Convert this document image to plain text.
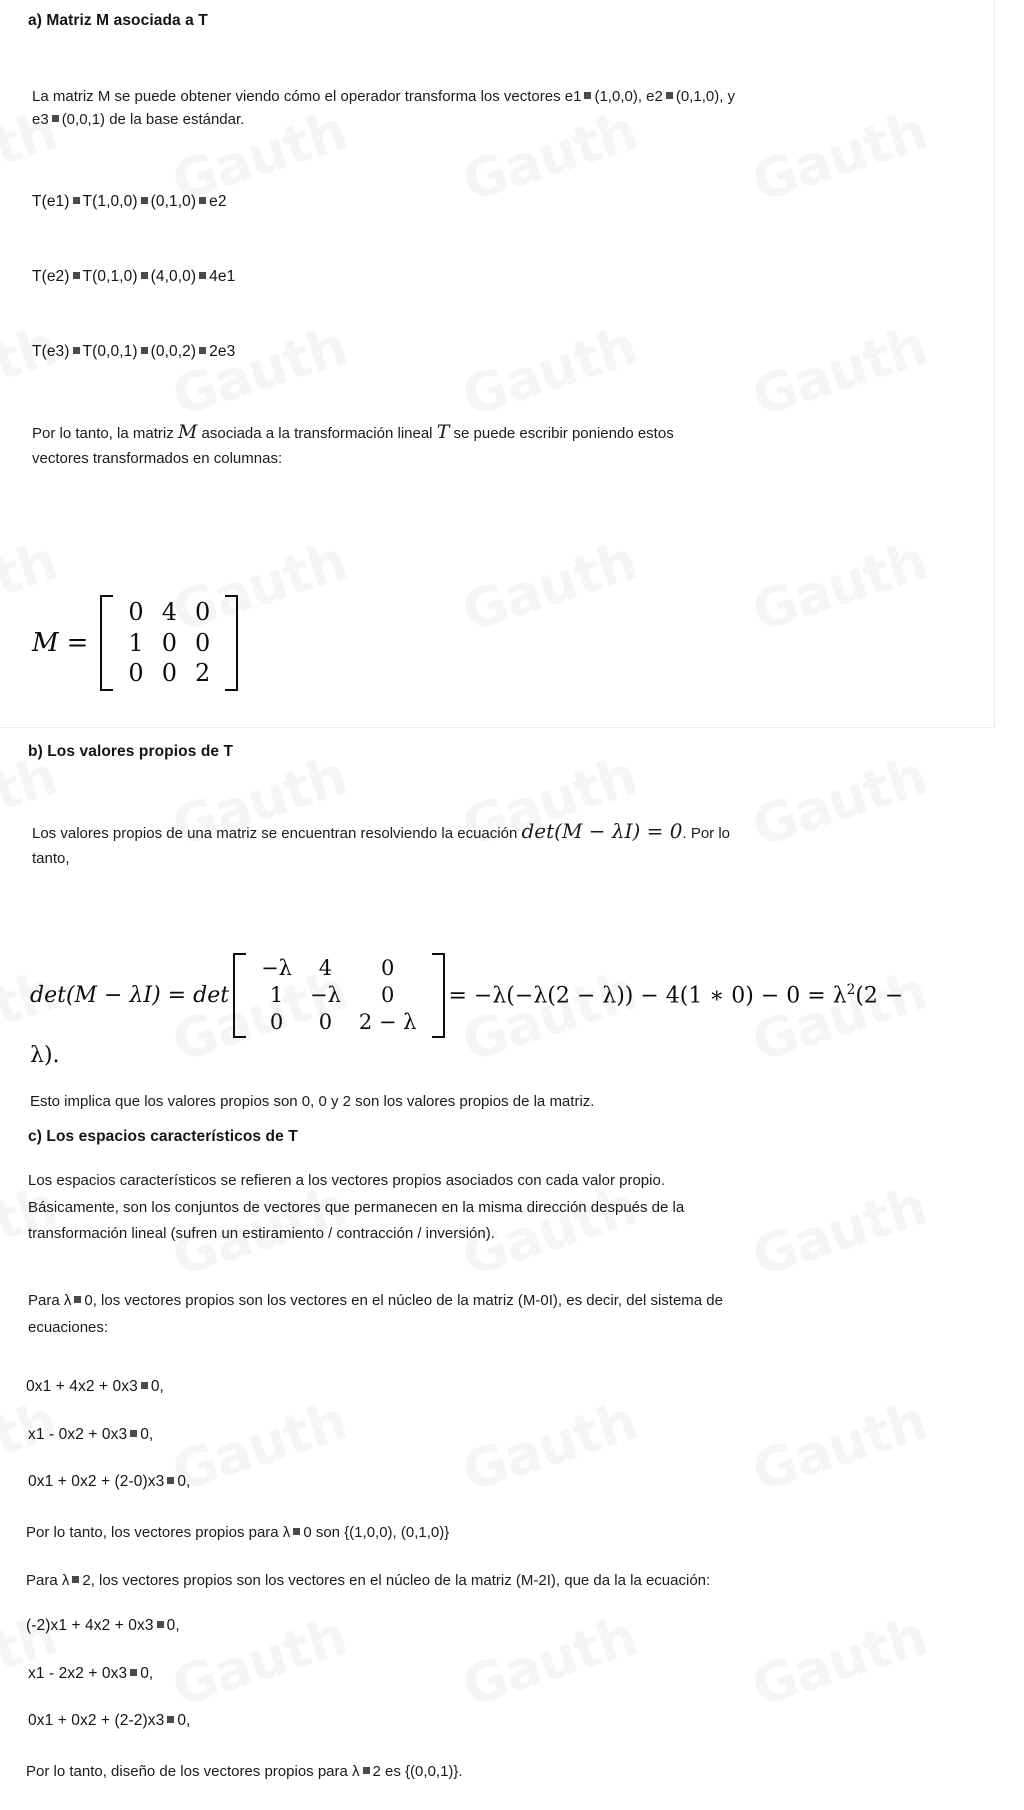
a) Matriz M asociada a T

La matriz M se puede obtener viendo cómo el operador transforma los vectores e1 (1,0,0), e2 (0,1,0), y
e3 (0,0,1) de la base estándar.

T(e1) T(1,0,0) (0,1,0) e2

T(e2) T(0,1,0) (4,0,0) 4e1

T(e3) T(0,0,1) (0,0,2) 2e3

Por lo tanto, la matriz M asociada a la transformación lineal T se puede escribir poniendo estos
vectores transformados en columnas:

M =
0 4 0
1 0 0
0 0 2
b) Los valores propios de T

Los valores propios de una matriz se encuentran resolviendo la ecuación det(M − λI) = 0. Por lo
tanto,

det(M − λI) = det
−λ	4	0
1	−λ	0
0	0	2 − λ
= −λ(−λ(2 − λ)) − 4(1 ∗ $0) - 0 = \lambda^2(2$ −
λ).

Esto implica que los valores propios son 0, 0 y 2 son los valores propios de la matriz.

c) Los espacios característicos de T

Los espacios característicos se refieren a los vectores propios asociados con cada valor propio.
Básicamente, son los conjuntos de vectores que permanecen en la misma dirección después de la
transformación lineal (sufren un estiramiento / contracción / inversión).

Para λ 0, los vectores propios son los vectores en el núcleo de la matriz (M-0I), es decir, del sistema de
ecuaciones:

0x1 + 4x2 + 0x3 0,

x1 - 0x2 + 0x3 0,

0x1 + 0x2 + (2-0)x3 0,

Por lo tanto, los vectores propios para λ 0 son {(1,0,0), (0,1,0)}

Para λ 2, los vectores propios son los vectores en el núcleo de la matriz (M-2I), que da la la ecuación:

(-2)x1 + 4x2 + 0x3 0,

x1 - 2x2 + 0x3 0,

0x1 + 0x2 + (2-2)x3 0,

Por lo tanto, diseño de los vectores propios para λ 2 es {(0,0,1)}.
